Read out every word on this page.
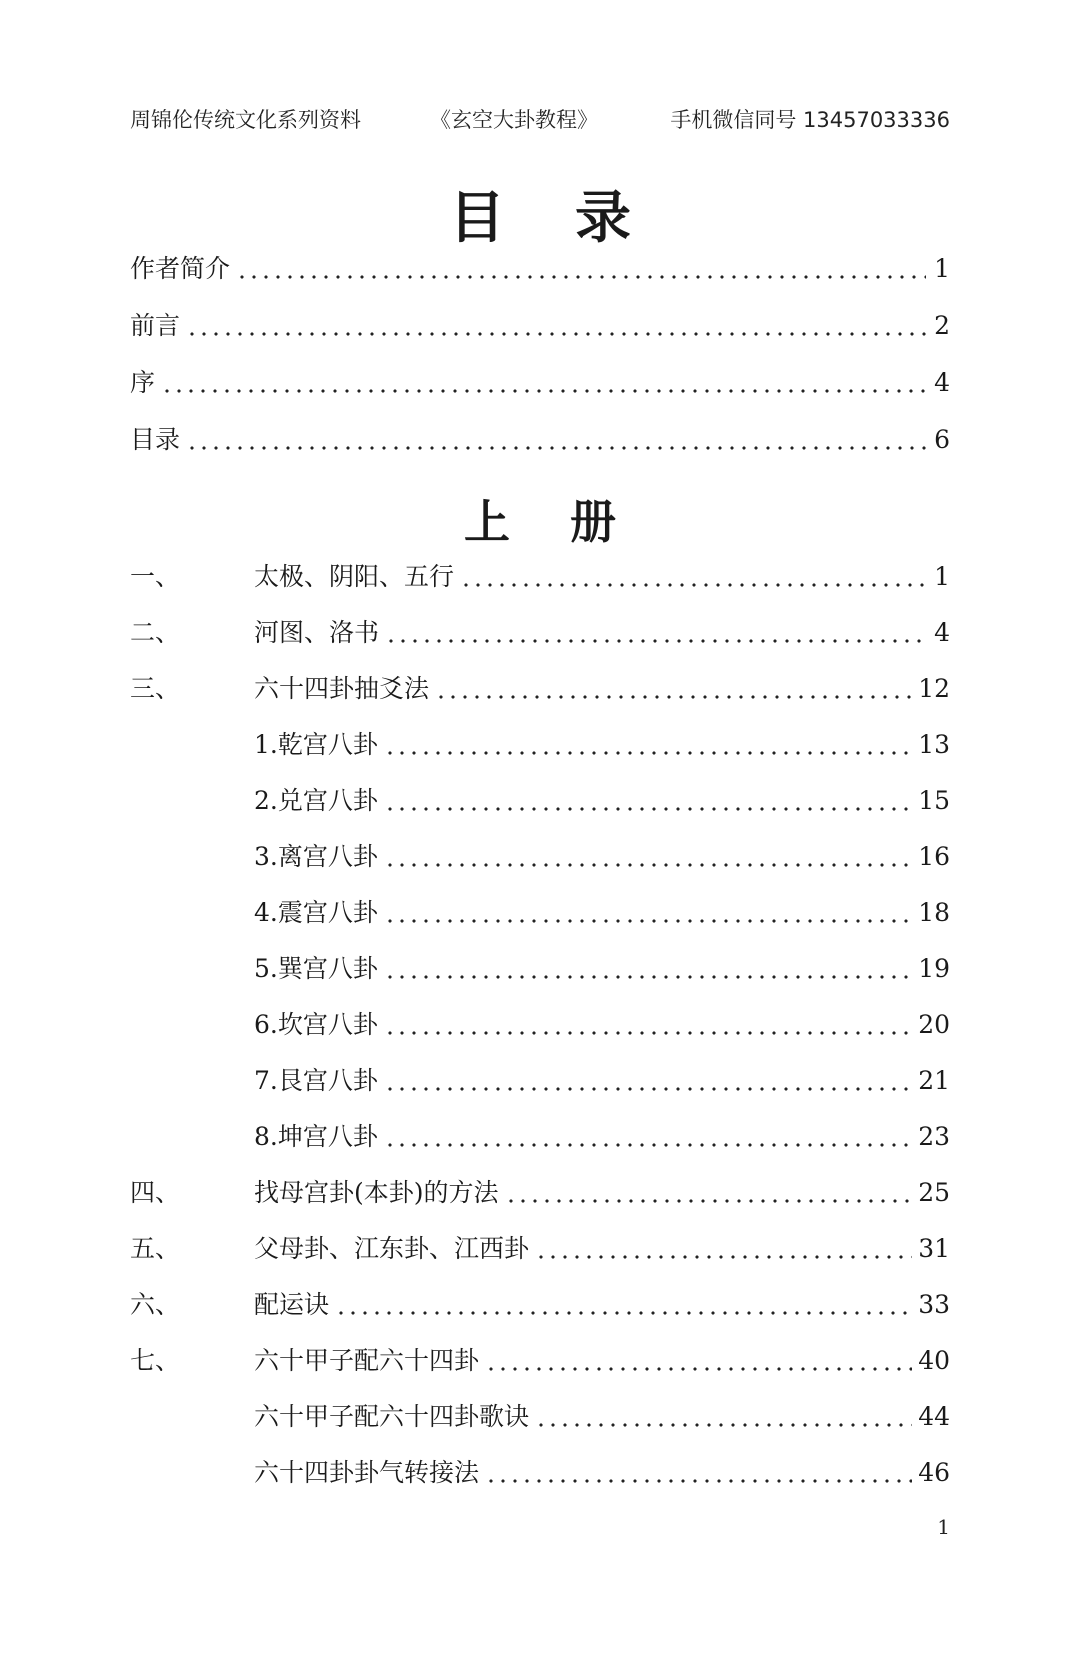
周锦伦传统文化系列资料	《玄空大卦教程》	手机微信同号 13457033336
目录
作者简介	1
前言	2
序	4
目录	6
上册
一、	太极、阴阳、五行	1
二、	河图、洛书	4
三、	六十四卦抽爻法	12
1.乾宫八卦	13
2.兑宫八卦	15
3.离宫八卦	16
4.震宫八卦	18
5.巽宫八卦	19
6.坎宫八卦	20
7.艮宫八卦	21
8.坤宫八卦	23
四、	找母宫卦(本卦)的方法	25
五、	父母卦、江东卦、江西卦	31
六、	配运诀	33
七、	六十甲子配六十四卦	40
六十甲子配六十四卦歌诀	44
六十四卦卦气转接法	46
1
